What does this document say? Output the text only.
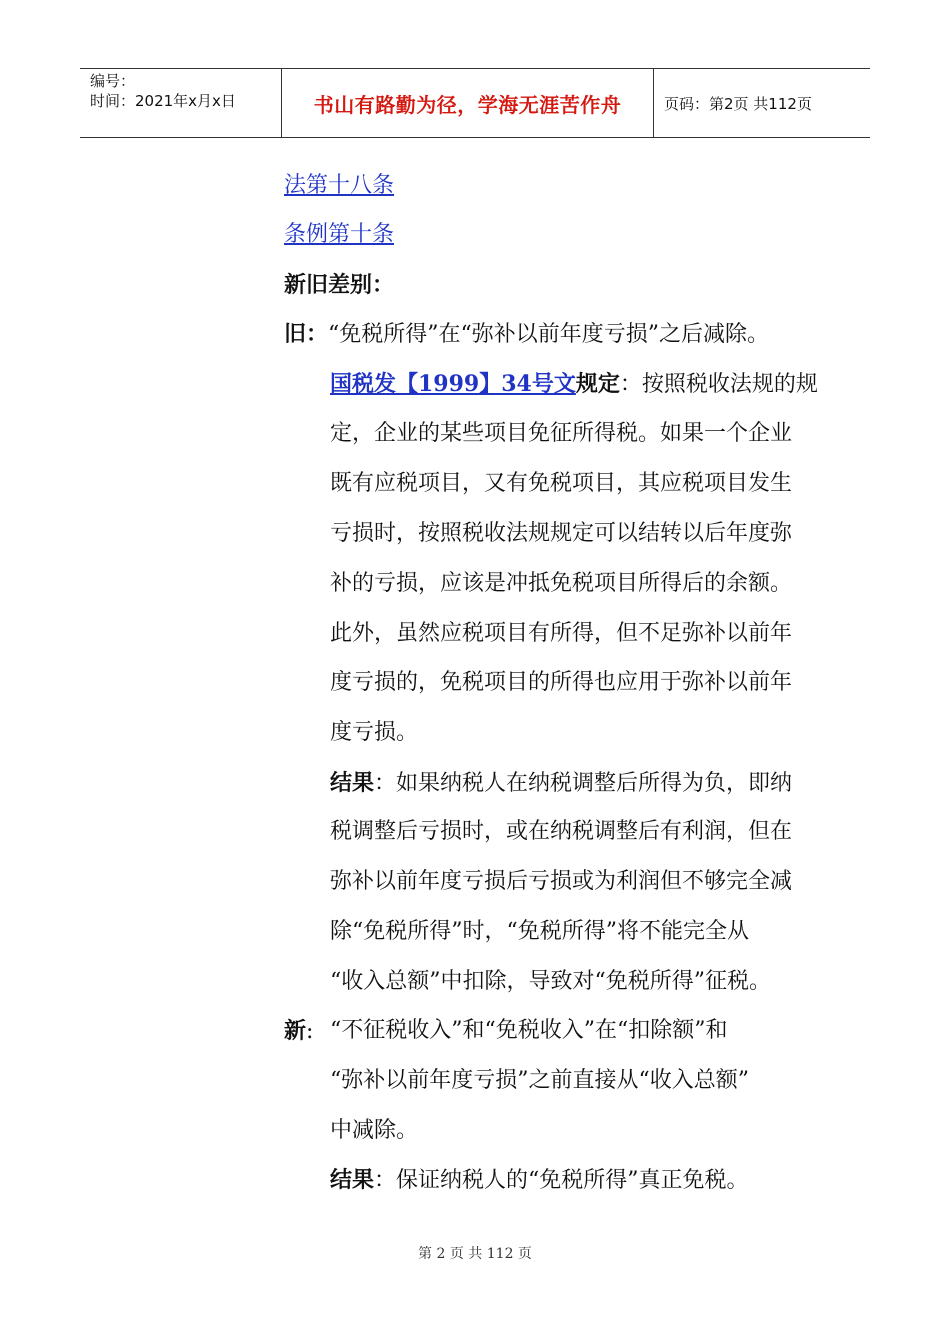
编号：
时间：2021年x月x日	书山有路勤为径，学海无涯苦作舟	页码：第2页 共112页
法第十八条
条例第十条
新旧差别：
旧：“免税所得”在“弥补以前年度亏损”之后减除。
国税发【1999】34号文规定：按照税收法规的规
定，企业的某些项目免征所得税。如果一个企业
既有应税项目，又有免税项目，其应税项目发生
亏损时，按照税收法规规定可以结转以后年度弥
补的亏损，应该是冲抵免税项目所得后的余额。
此外，虽然应税项目有所得，但不足弥补以前年
度亏损的，免税项目的所得也应用于弥补以前年
度亏损。
结果：如果纳税人在纳税调整后所得为负，即纳
税调整后亏损时，或在纳税调整后有利润，但在
弥补以前年度亏损后亏损或为利润但不够完全减
除“免税所得”时，“免税所得”将不能完全从
“收入总额”中扣除，导致对“免税所得”征税。
新: “不征税收入”和“免税收入”在“扣除额”和
“弥补以前年度亏损”之前直接从“收入总额”
中减除。
结果：保证纳税人的“免税所得”真正免税。
第 2 页 共 112 页
